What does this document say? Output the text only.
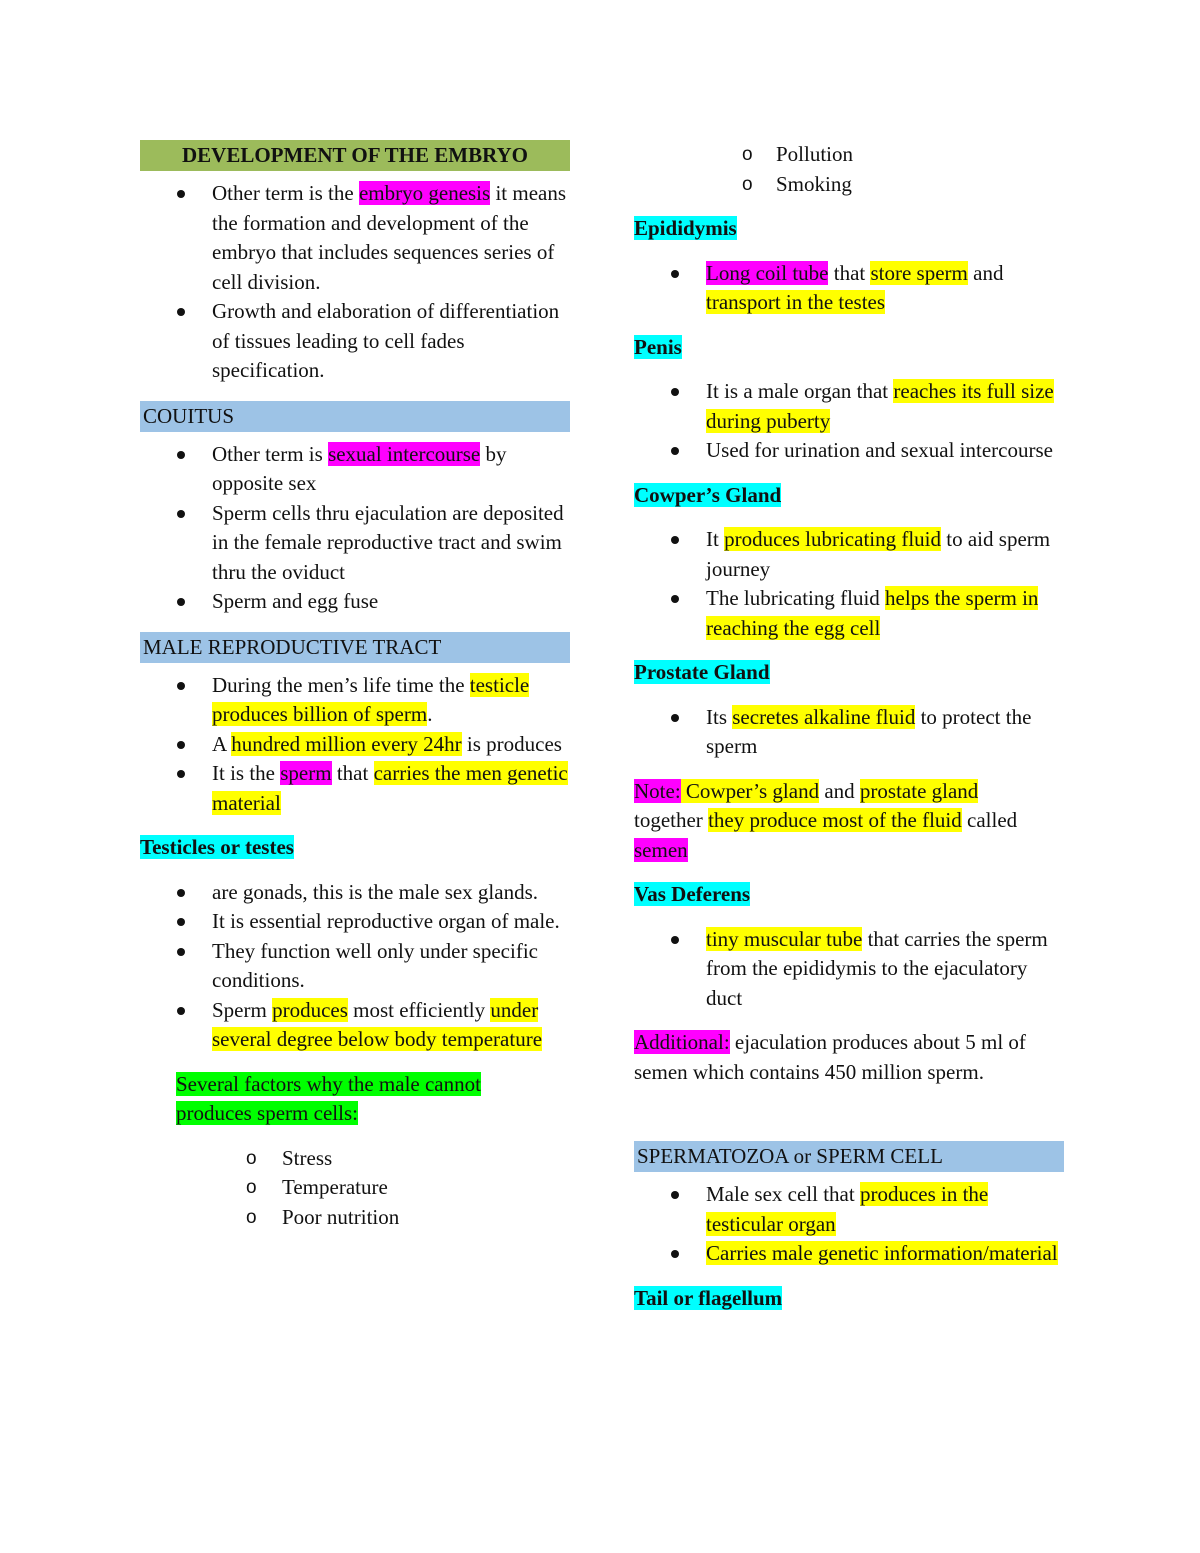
DEVELOPMENT OF THE EMBRYO
Other term is the embryo genesis it means the formation and development of the embryo that includes sequences series of cell division.
Growth and elaboration of differentiation of tissues leading to cell fades specification.
COUITUS
Other term is sexual intercourse by opposite sex
Sperm cells thru ejaculation are deposited in the female reproductive tract and swim thru the oviduct
Sperm and egg fuse
MALE REPRODUCTIVE TRACT
During the men’s life time the testicle produces billion of sperm.
A hundred million every 24hr is produces
It is the sperm that carries the men genetic material

Testicles or testes

are gonads, this is the male sex glands.
It is essential reproductive organ of male.
They function well only under specific conditions.
Sperm produces most efficiently under several degree below body temperature

Several factors why the male cannot produces sperm cells:

o Stress
o Temperature
o Poor nutrition
o Pollution
o Smoking

Epididymis

Long coil tube that store sperm and transport in the testes

Penis

It is a male organ that reaches its full size during puberty
Used for urination and sexual intercourse

Cowper’s Gland

It produces lubricating fluid to aid sperm journey
The lubricating fluid helps the sperm in reaching the egg cell

Prostate Gland

Its secretes alkaline fluid to protect the sperm

Note: Cowper’s gland and prostate gland together they produce most of the fluid called semen

Vas Deferens

tiny muscular tube that carries the sperm from the epididymis to the ejaculatory duct

Additional: ejaculation produces about 5 ml of semen which contains 450 million sperm.

SPERMATOZOA or SPERM CELL
Male sex cell that produces in the testicular organ
Carries male genetic information/material

Tail or flagellum
